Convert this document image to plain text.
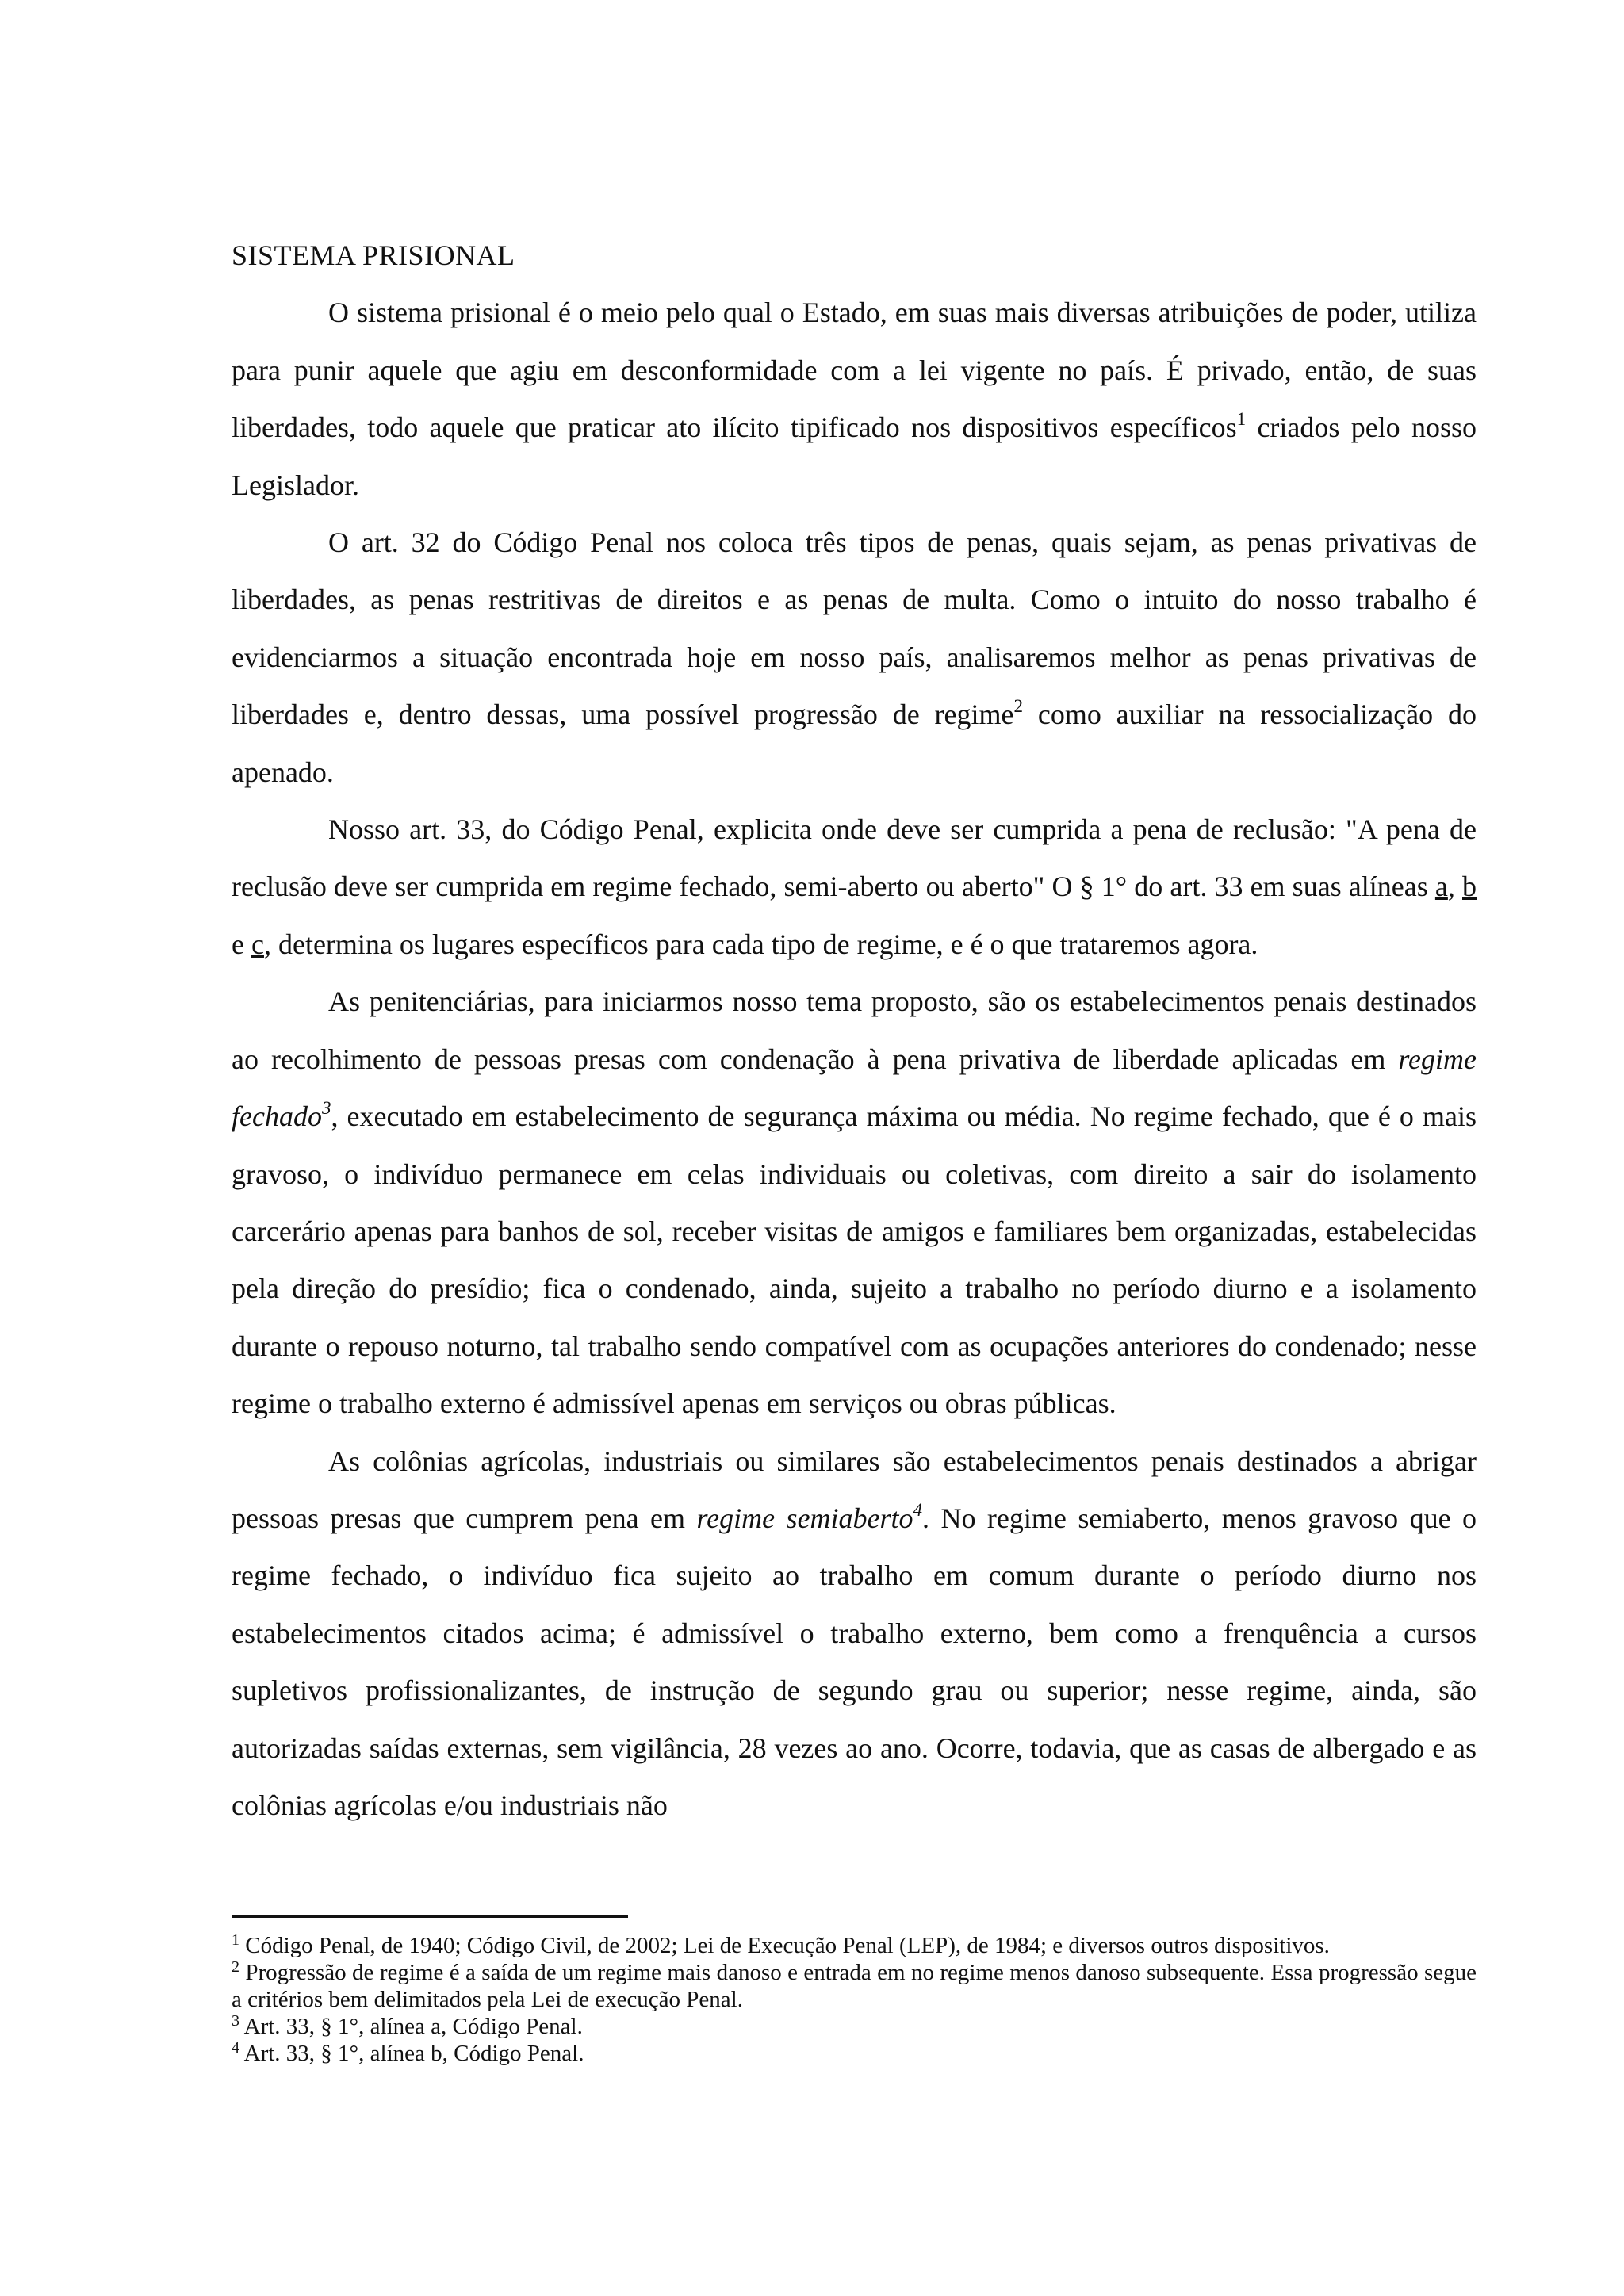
SISTEMA PRISIONAL

O sistema prisional é o meio pelo qual o Estado, em suas mais diversas atribuições de poder, utiliza para punir aquele que agiu em desconformidade com a lei vigente no país. É privado, então, de suas liberdades, todo aquele que praticar ato ilícito tipificado nos dispositivos específicos$^1$ criados pelo nosso Legislador.

O art. 32 do Código Penal nos coloca três tipos de penas, quais sejam, as penas privativas de liberdades, as penas restritivas de direitos e as penas de multa. Como o intuito do nosso trabalho é evidenciarmos a situação encontrada hoje em nosso país, analisaremos melhor as penas privativas de liberdades e, dentro dessas, uma possível progressão de regime$^2$ como auxiliar na ressocialização do apenado.

Nosso art. 33, do Código Penal, explicita onde deve ser cumprida a pena de reclusão: "A pena de reclusão deve ser cumprida em regime fechado, semi-aberto ou aberto" O § 1° do art. 33 em suas alíneas a, b e c, determina os lugares específicos para cada tipo de regime, e é o que trataremos agora.

As penitenciárias, para iniciarmos nosso tema proposto, são os estabelecimentos penais destinados ao recolhimento de pessoas presas com condenação à pena privativa de liberdade aplicadas em regime fechado$^3$, executado em estabelecimento de segurança máxima ou média. No regime fechado, que é o mais gravoso, o indivíduo permanece em celas individuais ou coletivas, com direito a sair do isolamento carcerário apenas para banhos de sol, receber visitas de amigos e familiares bem organizadas, estabelecidas pela direção do presídio; fica o condenado, ainda, sujeito a trabalho no período diurno e a isolamento durante o repouso noturno, tal trabalho sendo compatível com as ocupações anteriores do condenado; nesse regime o trabalho externo é admissível apenas em serviços ou obras públicas.

As colônias agrícolas, industriais ou similares são estabelecimentos penais destinados a abrigar pessoas presas que cumprem pena em regime semiaberto$^4$. No regime semiaberto, menos gravoso que o regime fechado, o indivíduo fica sujeito ao trabalho em comum durante o período diurno nos estabelecimentos citados acima; é admissível o trabalho externo, bem como a frenquência a cursos supletivos profissionalizantes, de instrução de segundo grau ou superior; nesse regime, ainda, são autorizadas saídas externas, sem vigilância, 28 vezes ao ano. Ocorre, todavia, que as casas de albergado e as colônias agrícolas e/ou industriais não

$^1$ Código Penal, de 1940; Código Civil, de 2002; Lei de Execução Penal (LEP), de 1984; e diversos outros dispositivos.

$^2$ Progressão de regime é a saída de um regime mais danoso e entrada em no regime menos danoso subsequente. Essa progressão segue a critérios bem delimitados pela Lei de execução Penal.

$^3$ Art. 33, § 1°, alínea a, Código Penal.

$^4$ Art. 33, § 1°, alínea b, Código Penal.
